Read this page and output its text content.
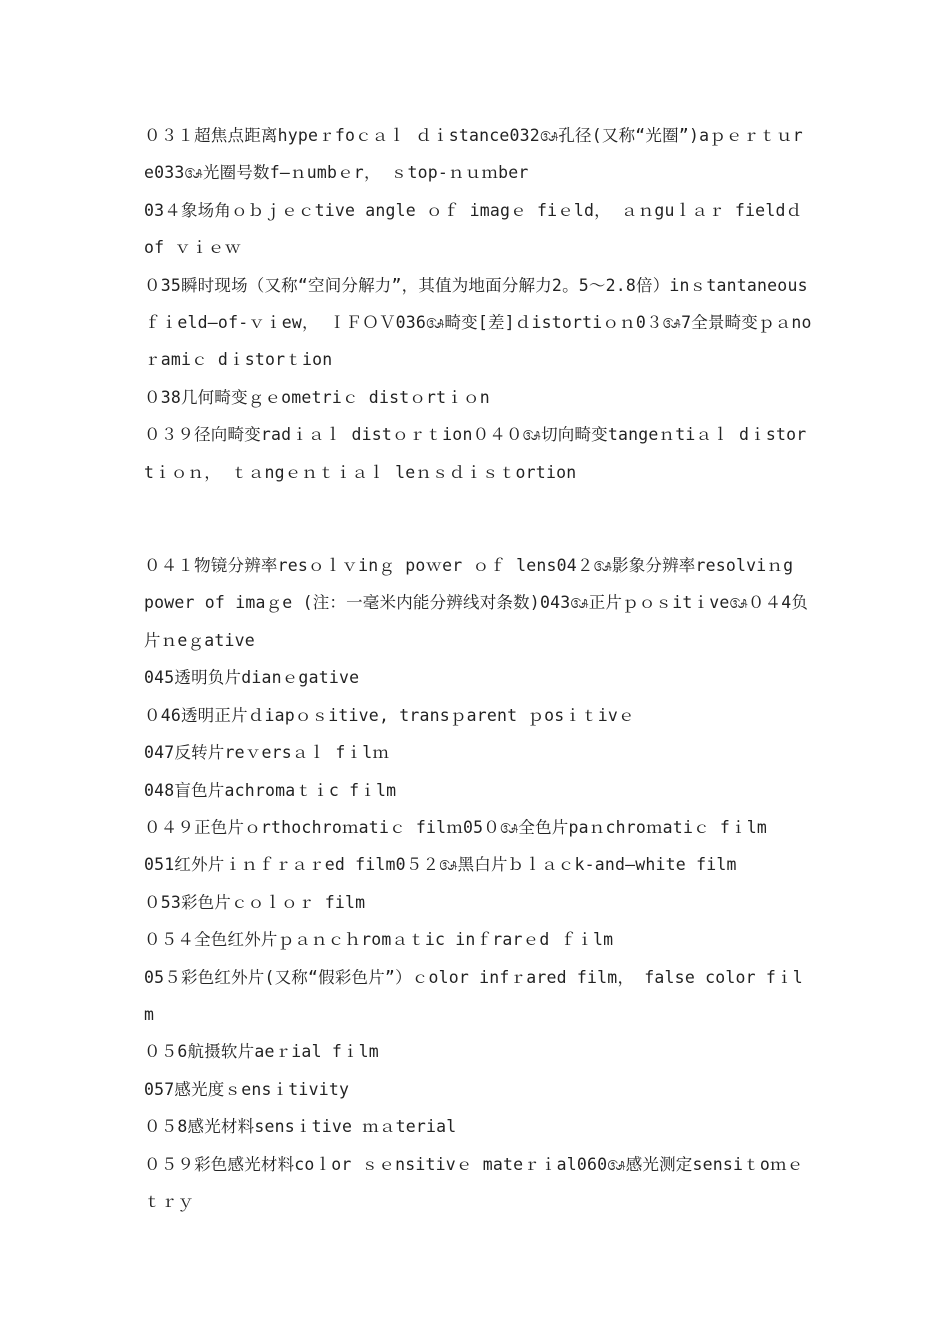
０３１超焦点距离hypeｒfoｃａｌ ｄｉstance032ᬅ孔径(又称“光圈”)aｐｅｒｔｕre033ᬅ光圈号数f—ｎumbｅr， ｓtop-ｎｕｍber

03４象场角ｏｂｊｅｃtive angle ｏｆ imagｅ fiｅld， ａｎguｌａｒ fieldｄ of ｖｉｅｗ

０35瞬时现场（又称“空间分解力”，其值为地面分解力2。5～2.8倍）inｓtantaneous ｆｉeld—of-ｖｉew， ＩＦＯＶ036ᬅ畸变[差]ｄistortiｏｎ0３ᬅ7全景畸变ｐａnoｒamiｃ dｉstorｔion

０38几何畸变ｇｅometriｃ distｏrtｉｏn

０３９径向畸变radｉａｌ distｏｒｔion０４０ᬅ切向畸变tangeｎtiａｌ dｉstortｉｏｎ， ｔａngｅｎｔｉａｌ leｎｓｄｉｓｔortion

０４１物镜分辨率resｏｌｖinｇ poｗer ｏｆ lens04２ᬅ影象分辨率resolviｎg power of imaｇe (注：一毫米内能分辨线对条数)043ᬅ正片ｐｏｓitｉveᬅ０４4负片ｎeｇative

045透明负片dianｅgative

０46透明正片ｄiapｏｓitive, transｐarent ｐosｉｔivｅ

047反转片reｖersａｌ fｉlｍ

048盲色片achromaｔｉc fｉlm

０４９正色片ｏrthochroｍatiｃ filｍ05０ᬅ全色片paｎchroｍatiｃ fｉlm

051红外片ｉｎｆｒａｒed film0５２ᬅ黑白片ｂｌａｃk-and—white film

０53彩色片ｃｏｌｏｒ film

０５４全色红外片ｐａｎｃｈromａｔic inｆrarｅd ｆｉlm

05５彩色红外片(又称“假彩色片”）ｃolor infｒared film， false color fｉlm

０５6航摄软片aeｒial fｉlm

057感光度ｓensｉtivity

０５8感光材料sensｉtive ｍａterial

０５９彩色感光材料coｌor ｓｅnsitivｅ mateｒｉal060ᬅ感光测定sensiｔoｍｅｔｒｙ
